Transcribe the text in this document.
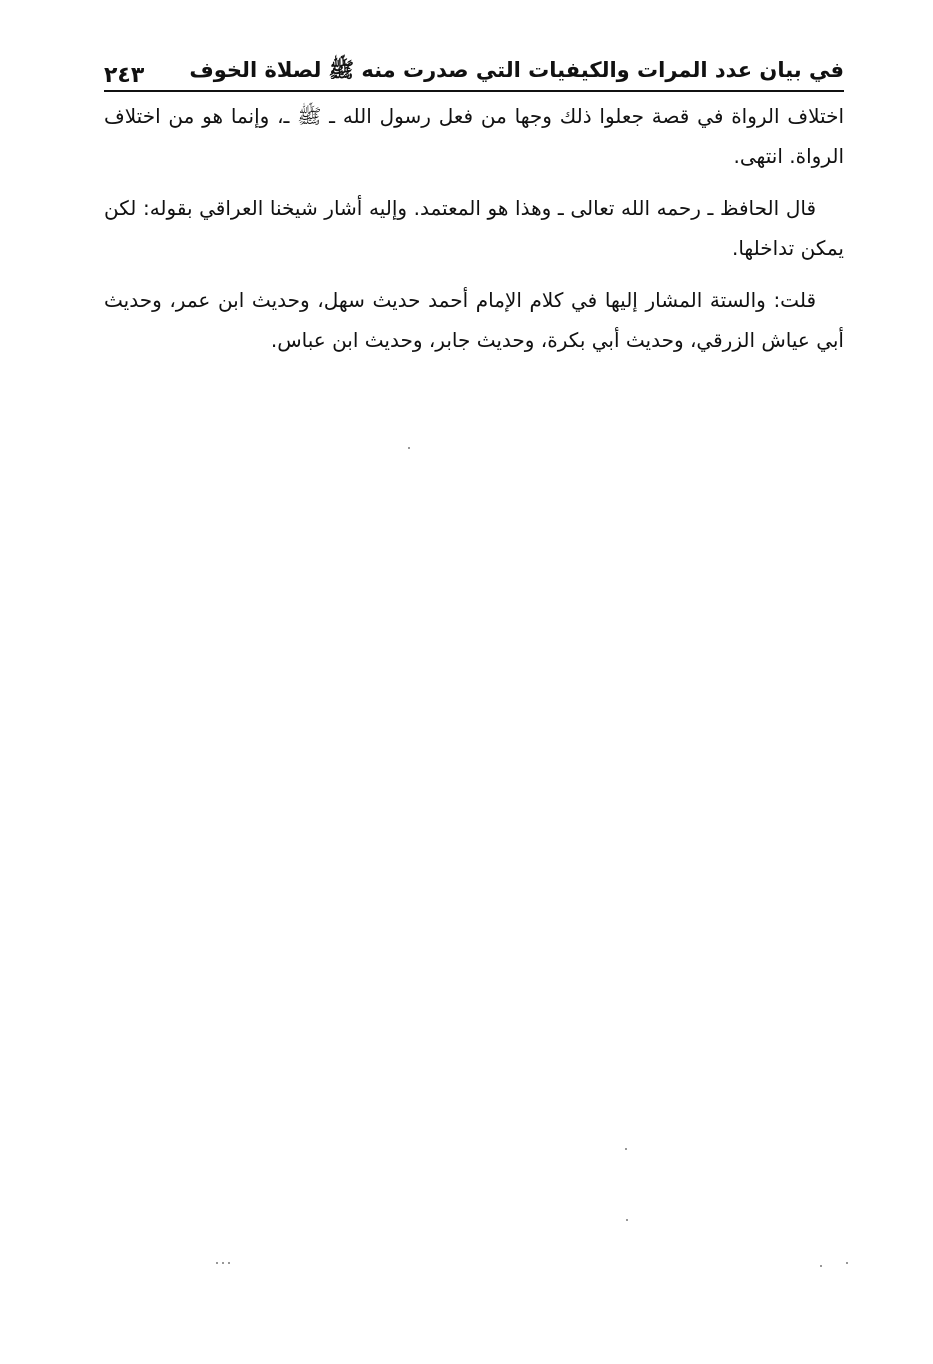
في بيان عدد المرات والكيفيات التي صدرت منه ﷺ لصلاة الخوف
٢٤٣

اختلاف الرواة في قصة جعلوا ذلك وجها من فعل رسول الله ـ ﷺ ـ، وإنما هو من اختلاف الرواة. انتهى.

قال الحافظ ـ رحمه الله تعالى ـ وهذا هو المعتمد. وإليه أشار شيخنا العراقي بقوله: لكن يمكن تداخلها.

قلت: والستة المشار إليها في كلام الإمام أحمد حديث سهل، وحديث ابن عمر، وحديث أبي عياش الزرقي، وحديث أبي بكرة، وحديث جابر، وحديث ابن عباس.
